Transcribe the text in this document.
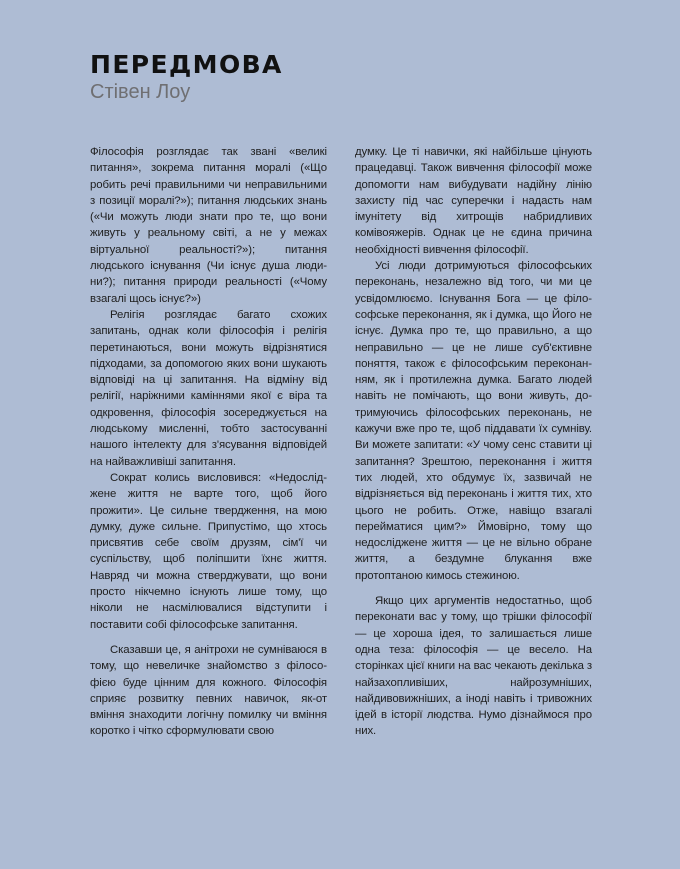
ПЕРЕДМОВА

Стівен Лоу

Філософія розглядає так звані «великі питання», зокрема питання моралі («Що робить речі правильними чи неправильними з позиції моралі?»); питання людських знань («Чи можуть люди знати про те, що вони живуть у реальному світі, а не у межах віртуальної реальності?»); питання людського існування (Чи існує душа людини?); питання природи реальності («Чому взагалі щось існує?»)

Релігія розглядає багато схожих запитань, однак коли філософія і релігія перетинаються, вони можуть відрізнятися підходами, за допомогою яких вони шукають відповіді на ці запитання. На відміну від релігії, наріжними каміннями якої є віра та одкровення, філософія зосереджується на людському мисленні, тобто застосуванні нашого інтелекту для з'ясування відповідей на найважливіші запитання.

Сократ колись висловився: «Недосліджене життя не варте того, щоб його прожити». Це сильне твердження, на мою думку, дуже сильне. Припустімо, що хтось присвятив себе своїм друзям, сім'ї чи суспільству, щоб поліпшити їхнє життя. Навряд чи можна стверджувати, що вони просто нікчемно існують лише тому, що ніколи не насмілювалися відступити і поставити собі філософське запитання.

Сказавши це, я анітрохи не сумніваюся в тому, що невеличке знайомство з філософією буде цінним для кожного. Філософія сприяє розвитку певних навичок, як-от вміння знаходити логічну помилку чи вміння коротко і чітко сформулювати свою

думку. Це ті навички, які найбільше цінують працедавці. Також вивчення філософії може допомогти нам вибудувати надійну лінію захисту під час суперечки і надасть нам імунітету від хитрощів набридливих комівояжерів. Однак це не єдина причина необхідності вивчення філософії.

Усі люди дотримуються філософських переконань, незалежно від того, чи ми це усвідомлюємо. Існування Бога — це філософське переконання, як і думка, що Його не існує. Думка про те, що правильно, а що неправильно — це не лише суб'єктивне поняття, також є філософським переконанням, як і протилежна думка. Багато людей навіть не помічають, що вони живуть, дотримуючись філософських переконань, не кажучи вже про те, щоб піддавати їх сумніву. Ви можете запитати: «У чому сенс ставити ці запитання? Зрештою, переконання і життя тих людей, хто обдумує їх, зазвичай не відрізняється від переконань і життя тих, хто цього не робить. Отже, навіщо взагалі перейматися цим?» Ймовірно, тому що недосліджене життя — це не вільно обране життя, а бездумне блукання вже протоптаною кимось стежиною.

Якщо цих аргументів недостатньо, щоб переконати вас у тому, що трішки філософії — це хороша ідея, то залишається лише одна теза: філософія — це весело. На сторінках цієї книги на вас чекають декілька з найзахопливіших, найрозумніших, найдивовижніших, а іноді навіть і тривожних ідей в історії людства. Нумо дізнаймося про них.
